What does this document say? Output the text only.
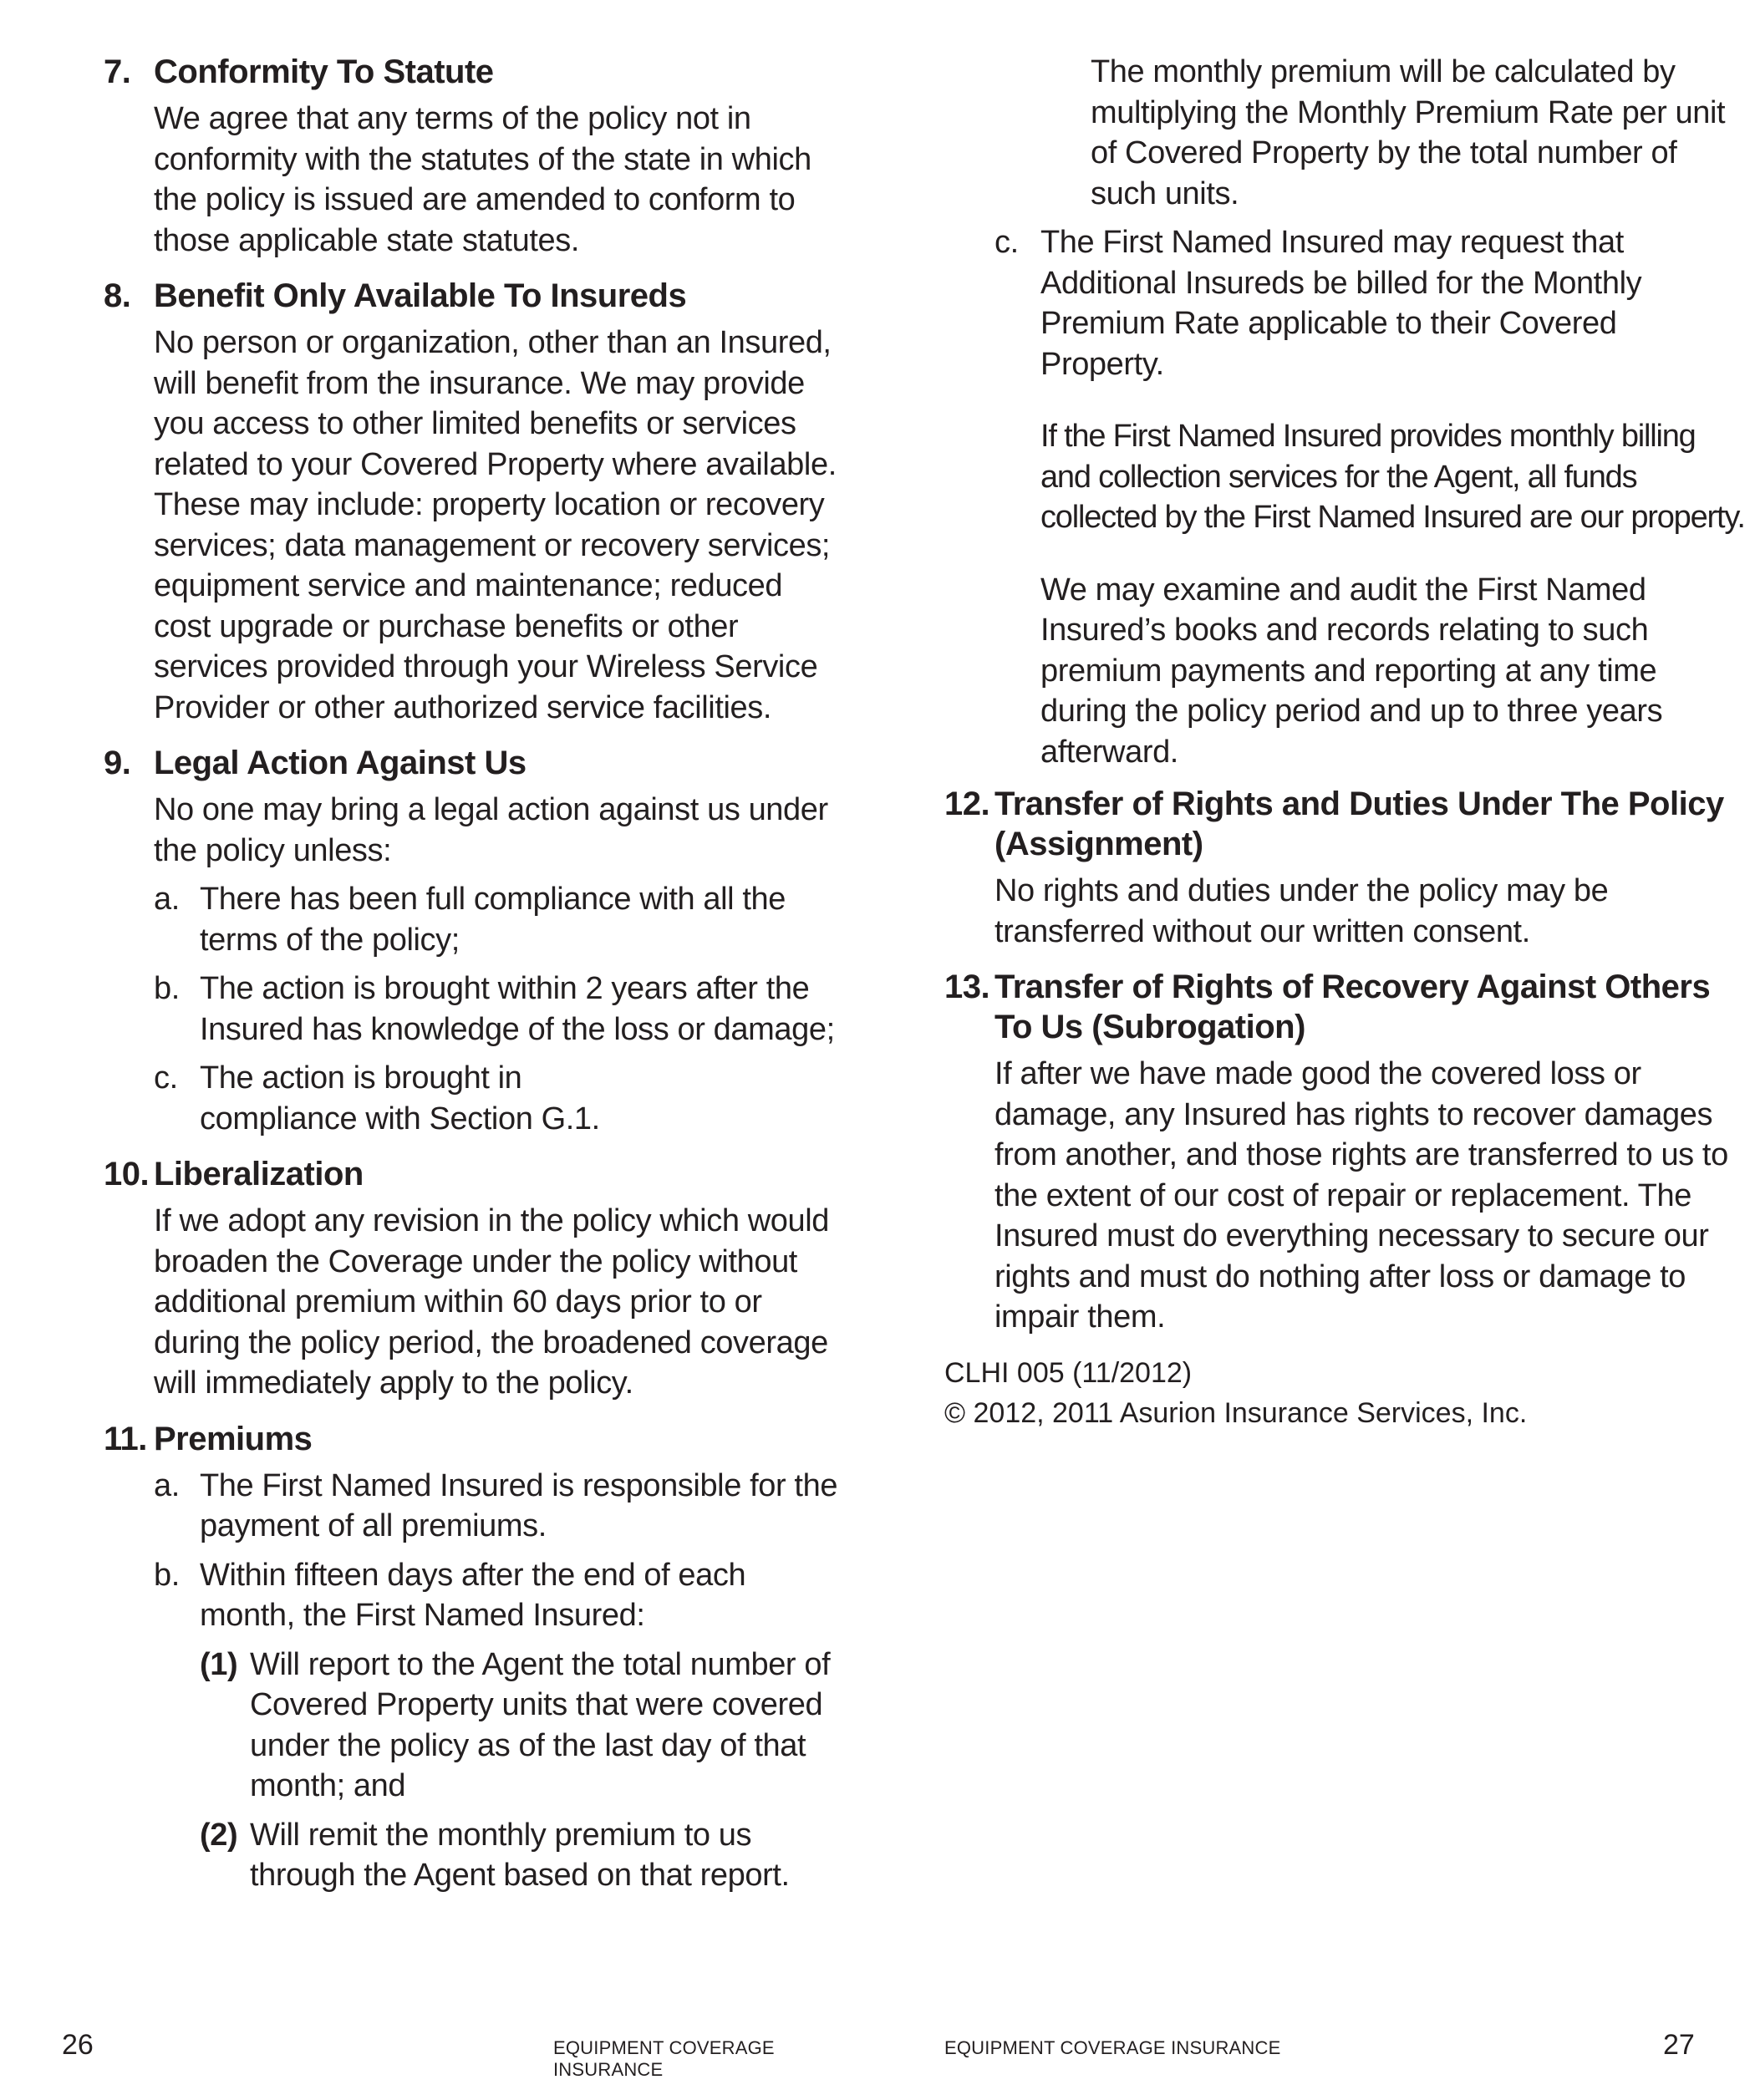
7. Conformity To Statute

We agree that any terms of the policy not in conformity with the statutes of the state in which the policy is issued are amended to conform to those applicable state statutes.

8. Benefit Only Available To Insureds

No person or organization, other than an Insured, will benefit from the insurance. We may provide you access to other limited benefits or services related to your Covered Property where available. These may include: property location or recovery services; data management or recovery services; equipment service and maintenance; reduced cost upgrade or purchase benefits or other services provided through your Wireless Service Provider or other authorized service facilities.

9. Legal Action Against Us

No one may bring a legal action against us under the policy unless:

a. There has been full compliance with all the terms of the policy;
b. The action is brought within 2 years after the Insured has knowledge of the loss or damage;
c. The action is brought in compliance with Section G.1.
10. Liberalization

If we adopt any revision in the policy which would broaden the Coverage under the policy without additional premium within 60 days prior to or during the policy period, the broadened coverage will immediately apply to the policy.

11. Premiums
a. The First Named Insured is responsible for the payment of all premiums.
b. Within fifteen days after the end of each month, the First Named Insured:
(1) Will report to the Agent the total number of Covered Property units that were covered under the policy as of the last day of that month; and
(2) Will remit the monthly premium to us through the Agent based on that report.
26	EQUIPMENT COVERAGE INSURANCE

The monthly premium will be calculated by multiplying the Monthly Premium Rate per unit of Covered Property by the total number of such units.

c. The First Named Insured may request that Additional Insureds be billed for the Monthly Premium Rate applicable to their Covered Property.

If the First Named Insured provides monthly billing and collection services for the Agent, all funds collected by the First Named Insured are our property.

We may examine and audit the First Named Insured’s books and records relating to such premium payments and reporting at any time during the policy period and up to three years afterward.

12. Transfer of Rights and Duties Under The Policy (Assignment)

No rights and duties under the policy may be transferred without our written consent.

13. Transfer of Rights of Recovery Against Others To Us (Subrogation)

If after we have made good the covered loss or damage, any Insured has rights to recover damages from another, and those rights are transferred to us to the extent of our cost of repair or replacement. The Insured must do everything necessary to secure our rights and must do nothing after loss or damage to impair them.

CLHI 005 (11/2012)
© 2012, 2011 Asurion Insurance Services, Inc.
EQUIPMENT COVERAGE INSURANCE	27
